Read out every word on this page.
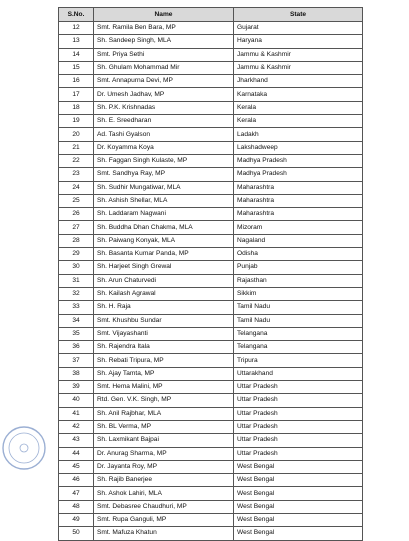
S.No.	Name	State
12	Smt. Ramila Ben Bara, MP	Gujarat
13	Sh. Sandeep Singh, MLA	Haryana
14	Smt. Priya Sethi	Jammu & Kashmir
15	Sh. Ghulam Mohammad Mir	Jammu & Kashmir
16	Smt. Annapurna Devi, MP	Jharkhand
17	Dr. Umesh Jadhav, MP	Karnataka
18	Sh. P.K. Krishnadas	Kerala
19	Sh. E. Sreedharan	Kerala
20	Ad. Tashi Gyalson	Ladakh
21	Dr. Koyamma Koya	Lakshadweep
22	Sh. Faggan Singh Kulaste, MP	Madhya Pradesh
23	Smt. Sandhya Ray, MP	Madhya Pradesh
24	Sh. Sudhir Mungatiwar, MLA	Maharashtra
25	Sh. Ashish Shellar, MLA	Maharashtra
26	Sh. Laddaram Nagwani	Maharashtra
27	Sh. Buddha Dhan Chakma, MLA	Mizoram
28	Sh. Paiwang Konyak, MLA	Nagaland
29	Sh. Basanta Kumar Panda, MP	Odisha
30	Sh. Harjeet Singh Grewal	Punjab
31	Sh. Arun Chaturvedi	Rajasthan
32	Sh. Kailash Agrawal	Sikkim
33	Sh. H. Raja	Tamil Nadu
34	Smt. Khushbu Sundar	Tamil Nadu
35	Smt. Vijayashanti	Telangana
36	Sh. Rajendra Itala	Telangana
37	Sh. Rebati Tripura, MP	Tripura
38	Sh. Ajay Tamta, MP	Uttarakhand
39	Smt. Hema Malini, MP	Uttar Pradesh
40	Rtd. Gen. V.K. Singh, MP	Uttar Pradesh
41	Sh. Anil Rajbhar, MLA	Uttar Pradesh
42	Sh. BL Verma, MP	Uttar Pradesh
43	Sh. Laxmikant Bajpai	Uttar Pradesh
44	Dr. Anurag Sharma, MP	Uttar Pradesh
45	Dr. Jayanta Roy, MP	West Bengal
46	Sh. Rajib Banerjee	West Bengal
47	Sh. Ashok Lahiri, MLA	West Bengal
48	Smt. Debasree Chaudhuri, MP	West Bengal
49	Smt. Rupa Ganguli, MP	West Bengal
50	Smt. Mafuza Khatun	West Bengal
